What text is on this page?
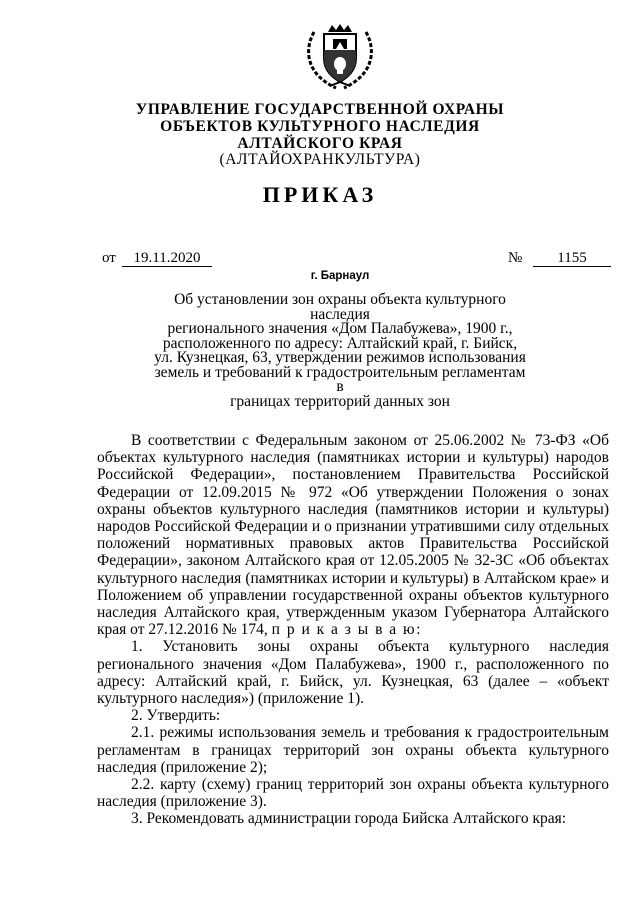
УПРАВЛЕНИЕ ГОСУДАРСТВЕННОЙ ОХРАНЫ
ОБЪЕКТОВ КУЛЬТУРНОГО НАСЛЕДИЯ
АЛТАЙСКОГО КРАЯ
(АЛТАЙОХРАНКУЛЬТУРА)
ПРИКАЗ
от	19.11.2020	№	1155
г. Барнаул
Об установлении зон охраны объекта культурного наследия
регионального значения «Дом Палабужева», 1900 г.,
расположенного по адресу: Алтайский край, г. Бийск,
ул. Кузнецкая, 63, утверждении режимов использования
земель и требований к градостроительным регламентам в
границах территорий данных зон

В соответствии с Федеральным законом от 25.06.2002 № 73-ФЗ «Об объектах культурного наследия (памятниках истории и культуры) народов Российской Федерации», постановлением Правительства Российской Федерации от 12.09.2015 № 972 «Об утверждении Положения о зонах охраны объектов культурного наследия (памятников истории и культуры) народов Российской Федерации и о признании утратившими силу отдельных положений нормативных правовых актов Правительства Российской Федерации», законом Алтайского края от 12.05.2005 № 32-ЗС «Об объектах культурного наследия (памятниках истории и культуры) в Алтайском крае» и Положением об управлении государственной охраны объектов культурного наследия Алтайского края, утвержденным указом Губернатора Алтайского края от 27.12.2016 № 174, п р и к а з ы в а ю:

1. Установить зоны охраны объекта культурного наследия регионального значения «Дом Палабужева», 1900 г., расположенного по адресу: Алтайский край, г. Бийск, ул. Кузнецкая, 63 (далее – «объект культурного наследия») (приложение 1).

2. Утвердить:

2.1. режимы использования земель и требования к градостроительным регламентам в границах территорий зон охраны объекта культурного наследия (приложение 2);

2.2. карту (схему) границ территорий зон охраны объекта культурного наследия (приложение 3).

3. Рекомендовать администрации города Бийска Алтайского края:
